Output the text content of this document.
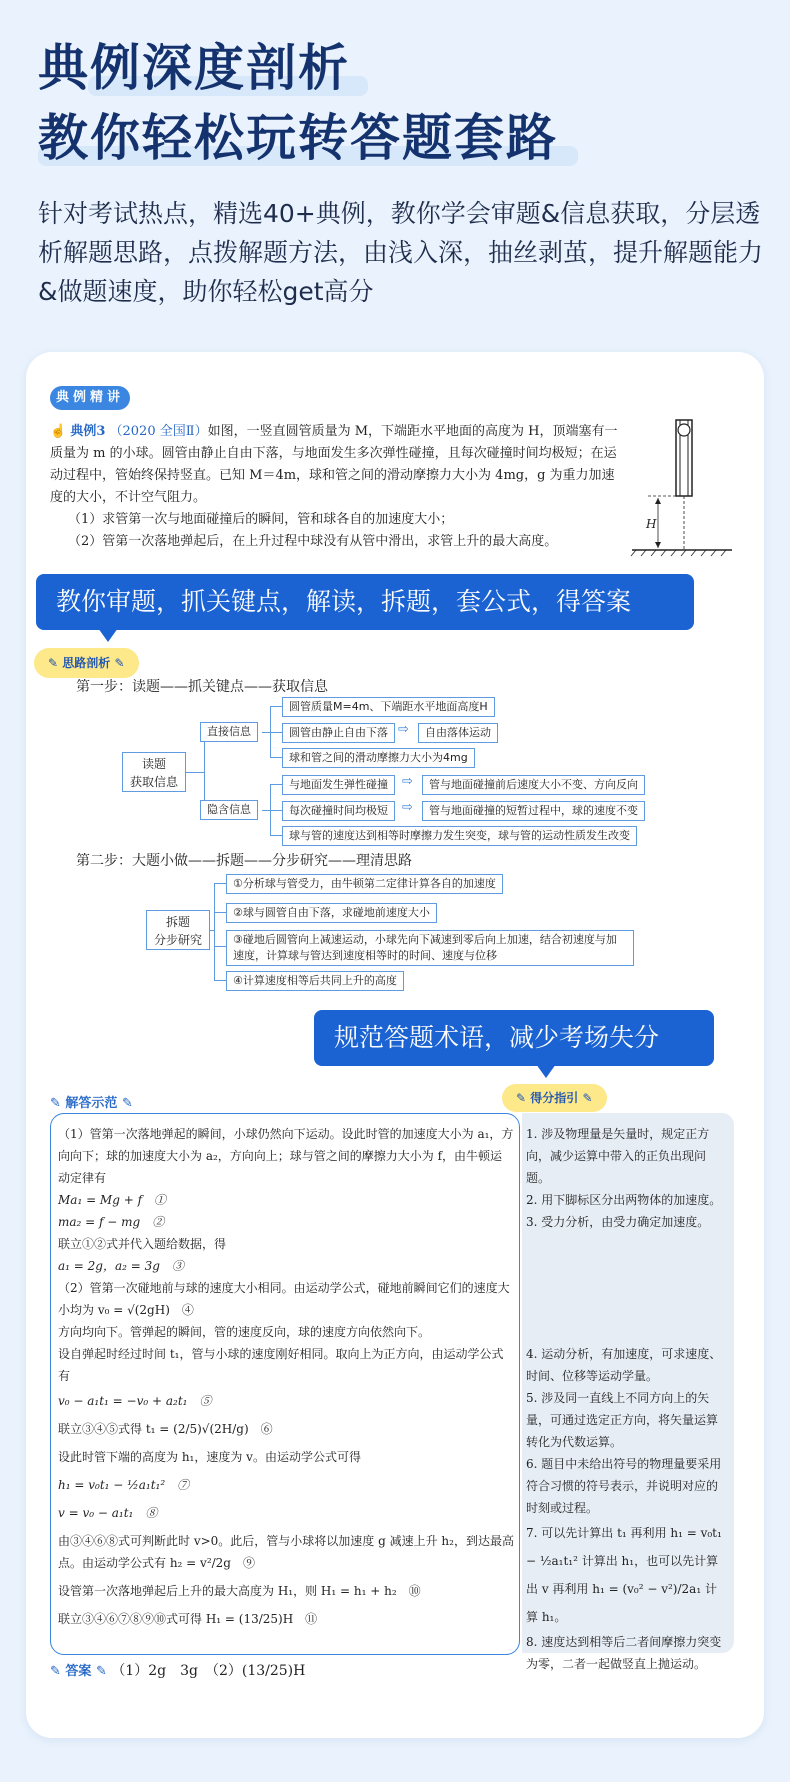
典例深度剖析
教你轻松玩转答题套路
针对考试热点，精选40+典例，教你学会审题&信息获取，分层透析解题思路，点拨解题方法，由浅入深，抽丝剥茧，提升解题能力&做题速度，助你轻松get高分
典例精讲
☝ 典例3 （2020 全国Ⅱ）如图，一竖直圆管质量为 M，下端距水平地面的高度为 H，顶端塞有一质量为 m 的小球。圆管由静止自由下落，与地面发生多次弹性碰撞，且每次碰撞时间均极短；在运动过程中，管始终保持竖直。已知 M＝4m，球和管之间的滑动摩擦力大小为 4mg，g 为重力加速度的大小，不计空气阻力。
（1）求管第一次与地面碰撞后的瞬间，管和球各自的加速度大小；
（2）管第一次落地弹起后，在上升过程中球没有从管中滑出，求管上升的最大高度。
H
教你审题，抓关键点，解读，拆题，套公式，得答案
✎ 思路剖析 ✎
第一步：读题——抓关键点——获取信息
读题
获取信息
直接信息
隐含信息
圆管质量M=4m、下端距水平地面高度H
圆管由静止自由下落 ⇨	自由落体运动
球和管之间的滑动摩擦力大小为4mg
与地面发生弹性碰撞	⇨	管与地面碰撞前后速度大小不变、方向反向
每次碰撞时间均极短	⇨	管与地面碰撞的短暂过程中，球的速度不变
球与管的速度达到相等时摩擦力发生突变，球与管的运动性质发生改变
第二步：大题小做——拆题——分步研究——理清思路
拆题
分步研究
①分析球与管受力，由牛顿第二定律计算各自的加速度
②球与圆管自由下落，求碰地前速度大小
③碰地后圆管向上减速运动，小球先向下减速到零后向上加速，结合初速度与加速度，计算球与管达到速度相等时的时间、速度与位移
④计算速度相等后共同上升的高度
规范答题术语，减少考场失分
✎ 解答示范 ✎	✎ 得分指引 ✎
（1）管第一次落地弹起的瞬间，小球仍然向下运动。设此时管的加速度大小为 a₁，方向向下；球的加速度大小为 a₂，方向向上；球与管之间的摩擦力大小为 f，由牛顿运动定律有
Ma₁ = Mg + f　①
ma₂ = f − mg　②
联立①②式并代入题给数据，得
a₁ = 2g，a₂ = 3g　③
（2）管第一次碰地前与球的速度大小相同。由运动学公式，碰地前瞬间它们的速度大小均为 v₀ = √(2gH)　④
方向均向下。管弹起的瞬间，管的速度反向，球的速度方向依然向下。
设自弹起时经过时间 t₁，管与小球的速度刚好相同。取向上为正方向，由运动学公式有
v₀ − a₁t₁ = −v₀ + a₂t₁　⑤
联立③④⑤式得 t₁ = (2/5)√(2H/g)　⑥
设此时管下端的高度为 h₁，速度为 v。由运动学公式可得
h₁ = v₀t₁ − ½a₁t₁²　⑦
v = v₀ − a₁t₁　⑧
由③④⑥⑧式可判断此时 v>0。此后，管与小球将以加速度 g 减速上升 h₂，到达最高点。由运动学公式有 h₂ = v²/2g　⑨
设管第一次落地弹起后上升的最大高度为 H₁，则 H₁ = h₁ + h₂　⑩
联立③④⑥⑦⑧⑨⑩式可得 H₁ = (13/25)H　⑪
1. 涉及物理量是矢量时，规定正方向，减少运算中带入的正负出现问题。
2. 用下脚标区分出两物体的加速度。
3. 受力分析，由受力确定加速度。
4. 运动分析，有加速度，可求速度、时间、位移等运动学量。
5. 涉及同一直线上不同方向上的矢量，可通过选定正方向，将矢量运算转化为代数运算。
6. 题目中未给出符号的物理量要采用符合习惯的符号表示，并说明对应的时刻或过程。
7. 可以先计算出 t₁ 再利用 h₁ = v₀t₁ − ½a₁t₁² 计算出 h₁，也可以先计算出 v 再利用 h₁ = (v₀² − v²)/2a₁ 计算 h₁。
8. 速度达到相等后二者间摩擦力突变为零，二者一起做竖直上抛运动。
✎ 答案 ✎ （1）2g　3g　（2）(13/25)H
